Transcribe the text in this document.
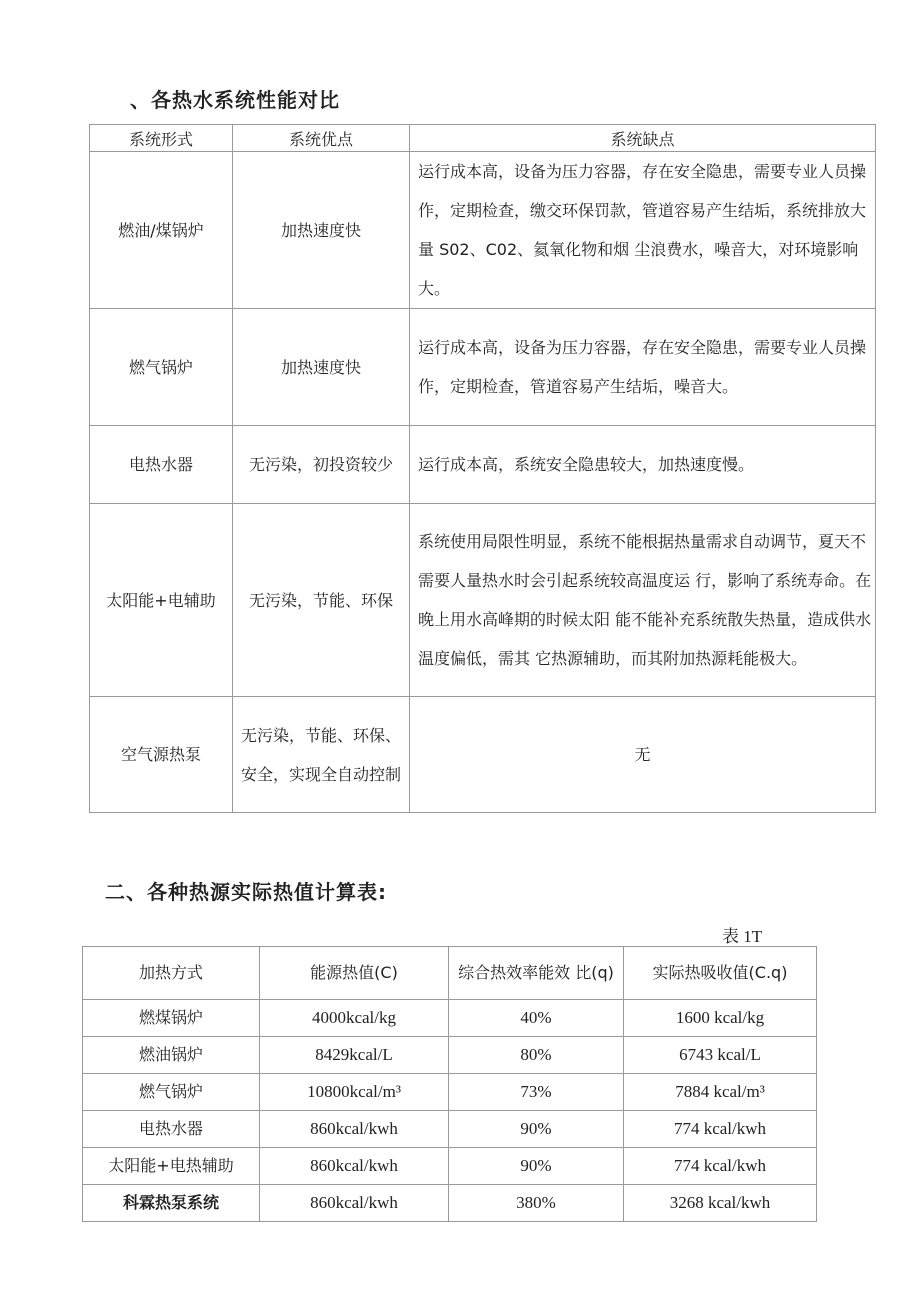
、各热水系统性能对比
系统形式	系统优点	系统缺点
燃油/煤锅炉	加热速度快	运行成本高，设备为压力容器，存在安全隐患，需要专业人员操作，定期检查，缴交环保罚款，管道容易产生结垢，系统排放大量 S02、C02、氦氧化物和烟 尘浪费水，噪音大，对环境影响大。
燃气锅炉	加热速度快	运行成本高，设备为压力容器，存在安全隐患，需要专业人员操作，定期检查，管道容易产生结垢，噪音大。
电热水器	无污染，初投资较少	运行成本高，系统安全隐患较大，加热速度慢。
太阳能+电辅助	无污染，节能、环保	系统使用局限性明显，系统不能根据热量需求自动调节，夏天不需要人量热水时会引起系统较高温度运 行，影响了系统寿命。在晚上用水高峰期的时候太阳 能不能补充系统散失热量，造成供水温度偏低，需其 它热源辅助，而其附加热源耗能极大。
空气源热泵	无污染，节能、环保、安全，实现全自动控制	无
二、各种热源实际热值计算表:
表 1T
加热方式	能源热值(C)	综合热效率能效 比(q)	实际热吸收值(C.q)
燃煤锅炉	4000kcal/kg	40%	1600 kcal/kg
燃油锅炉	8429kcal/L	80%	6743 kcal/L
燃气锅炉	10800kcal/m³	73%	7884 kcal/m³
电热水器	860kcal/kwh	90%	774 kcal/kwh
太阳能+电热辅助	860kcal/kwh	90%	774 kcal/kwh
科霖热泵系统	860kcal/kwh	380%	3268 kcal/kwh
